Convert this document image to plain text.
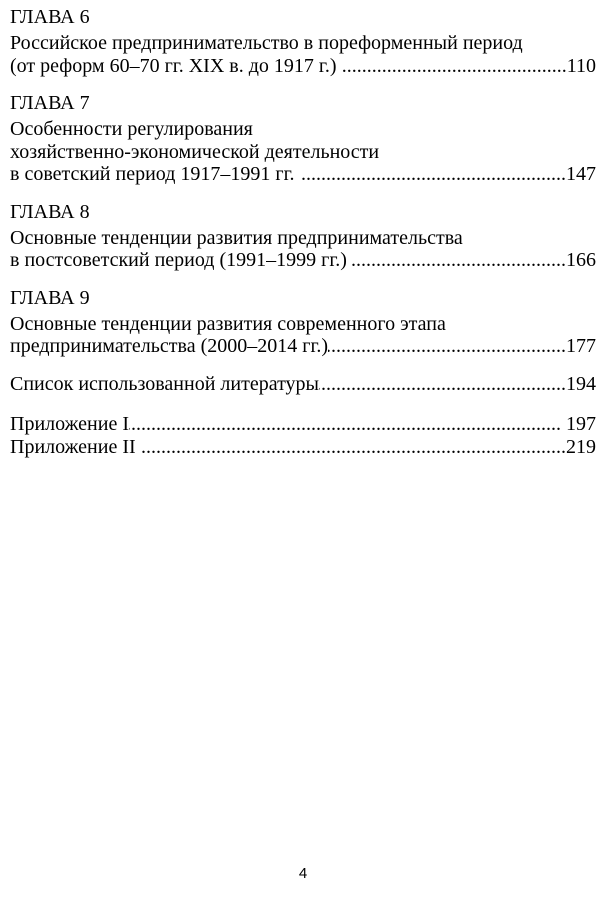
ГЛАВА 6
Российское предпринимательство в пореформенный период
(от реформ 60–70 гг. XIX в. до 1917 г.) .....	110
ГЛАВА 7
Особенности регулирования
хозяйственно-экономической деятельности
в советский период 1917–1991 гг. .....	147
ГЛАВА 8
Основные тенденции развития предпринимательства
в постсоветский период (1991–1999 гг.) .....	166
ГЛАВА 9
Основные тенденции развития современного этапа
предпринимательства (2000–2014 гг.) .....	177
Список использованной литературы .....	194
Приложение I .....	197
Приложение II .....	219
4
